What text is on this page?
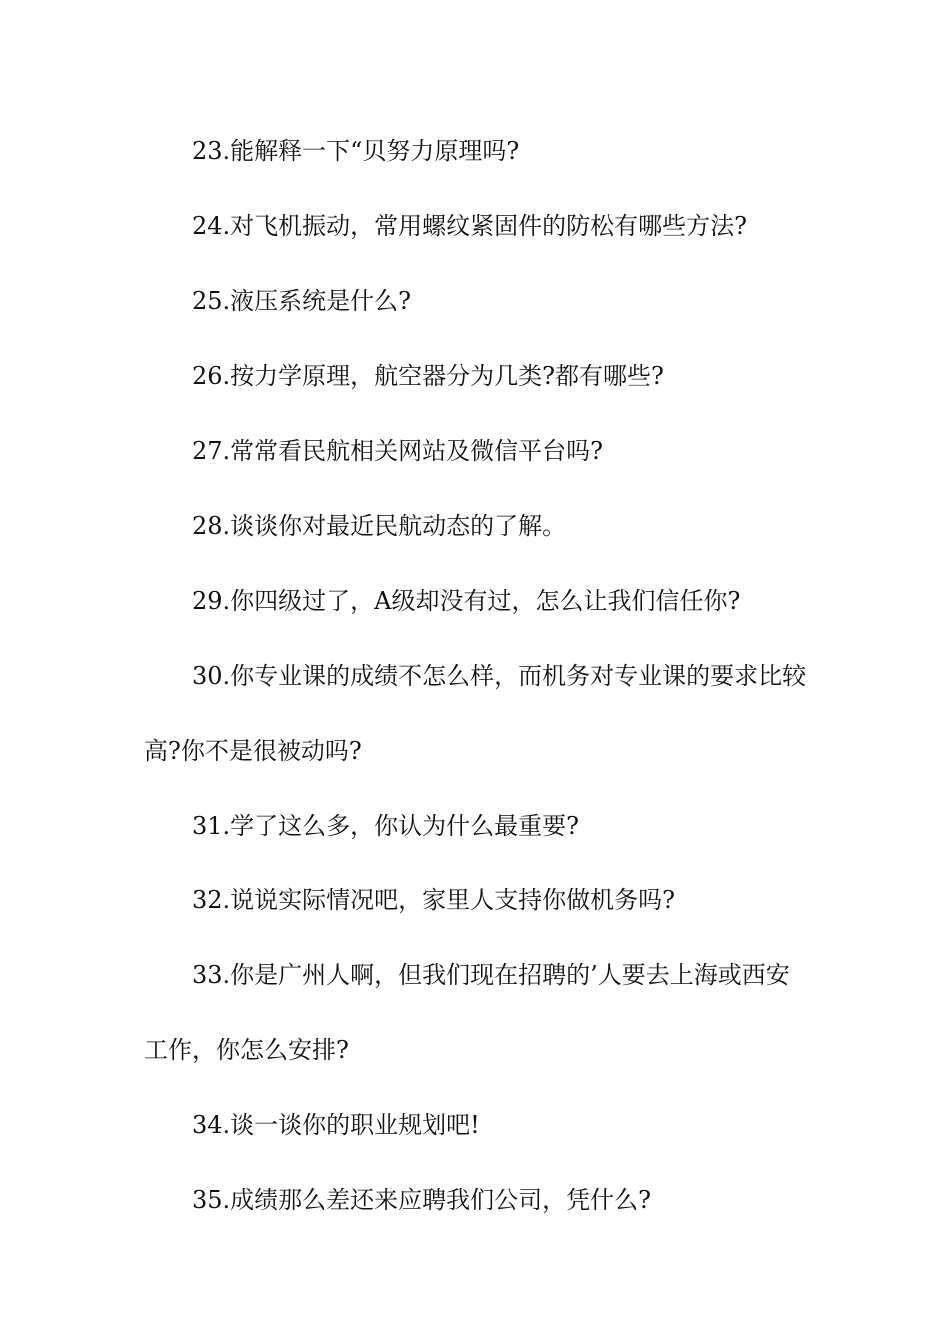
23.能解释一下“贝努力原理吗?

24.对飞机振动，常用螺纹紧固件的防松有哪些方法?

25.液压系统是什么?

26.按力学原理，航空器分为几类?都有哪些?

27.常常看民航相关网站及微信平台吗?

28.谈谈你对最近民航动态的了解。

29.你四级过了，A级却没有过，怎么让我们信任你?

30.你专业课的成绩不怎么样，而机务对专业课的要求比较高?你不是很被动吗?

31.学了这么多，你认为什么最重要?

32.说说实际情况吧，家里人支持你做机务吗?

33.你是广州人啊，但我们现在招聘的’人要去上海或西安工作，你怎么安排?

34.谈一谈你的职业规划吧!

35.成绩那么差还来应聘我们公司，凭什么?
